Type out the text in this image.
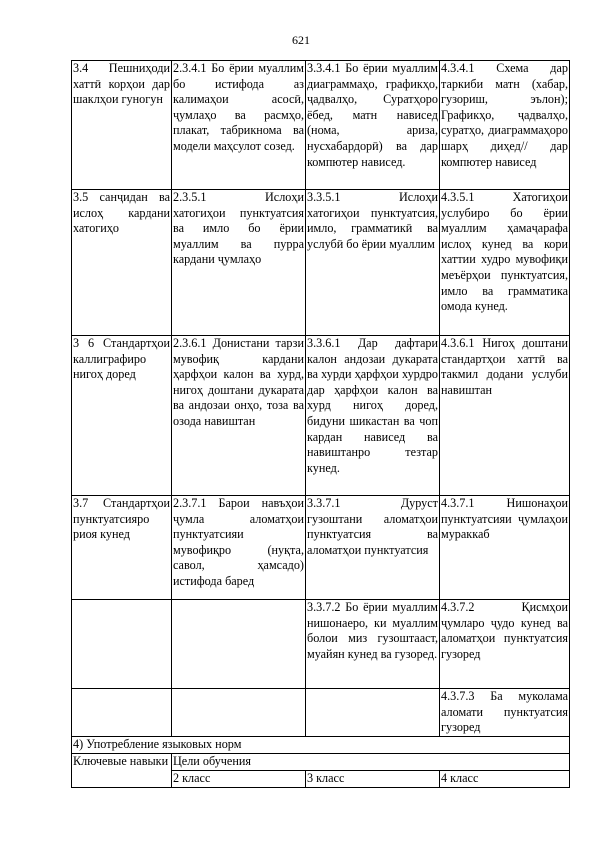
621
3.4 Пешниҳоди хаттӣ корҳои дар шаклҳои гуногун	2.3.4.1 Бо ёрии муаллим бо истифода аз калимаҳои асосӣ, ҷумлаҳо ва расмҳо, плакат, табрикнома ва модели маҳсулот созед.	3.3.4.1 Бо ёрии муаллим диаграммаҳо, графикҳо, ҷадвалҳо, Суратҳоро ёбед, матн нависед (нома, ариза, нусхабардорӣ) ва дар компютер нависед.	4.3.4.1 Схема дар таркиби матн (хабар, гузориш, эълон); Графикҳо, ҷадвалҳо, суратҳо, диаграммаҳоро шарҳ диҳед// дар компютер нависед

3.5 санҷидан ва ислоҳ кардани хатогиҳо	2.3.5.1 Ислоҳи хатогиҳои пунктуатсия ва имло бо ёрии муаллим ва пурра кардани ҷумлаҳо	3.3.5.1 Ислоҳи хатогиҳои пунктуатсия, имло, грамматикӣ ва услубӣ бо ёрии муаллим	4.3.5.1 Хатогиҳои услубиро бо ёрии муаллим ҳамаҷарафа ислоҳ кунед ва кори хаттии худро мувофиқи меъёрҳои пунктуатсия, имло ва грамматика омода кунед.

3 6 Стандартҳои каллиграфиро нигоҳ доред	2.3.6.1 Донистани тарзи мувофиқ кардани ҳарфҳои калон ва хурд, нигоҳ доштани дукарата ва андозаи онҳо, тоза ва озода навиштан	3.3.6.1 Дар дафтари калон андозаи дукарата ва хурди ҳарфҳои хурдро дар ҳарфҳои калон ва хурд нигоҳ доред, бидуни шикастан ва чоп кардан нависед ва навиштанро тезтар кунед.	4.3.6.1 Нигоҳ доштани стандартҳои хаттӣ ва такмил додани услуби навиштан

3.7 Стандартҳои пунктуатсияро риоя кунед	2.3.7.1 Барои навъҳои ҷумла аломатҳои пунктуатсияи мувофиқро (нуқта, савол, ҳамсадо) истифода баред	3.3.7.1 Дуруст гузоштани аломатҳои пунктуатсия ва аломатҳои пунктуатсия	4.3.7.1 Нишонаҳои пунктуатсияи ҷумлаҳои мураккаб

		3.3.7.2 Бо ёрии муаллим нишонаеро, ки муаллим болои миз гузоштааст, муайян кунед ва гузоред.	4.3.7.2 Қисмҳои ҷумларо ҷудо кунед ва аломатҳои пунктуатсия гузоред

			4.3.7.3 Ба муколама аломати пунктуатсия гузоред

4) Употребление языковых норм			

Ключевые навыки	Цели обучения		

	2 класс	3 класс	4 класс
